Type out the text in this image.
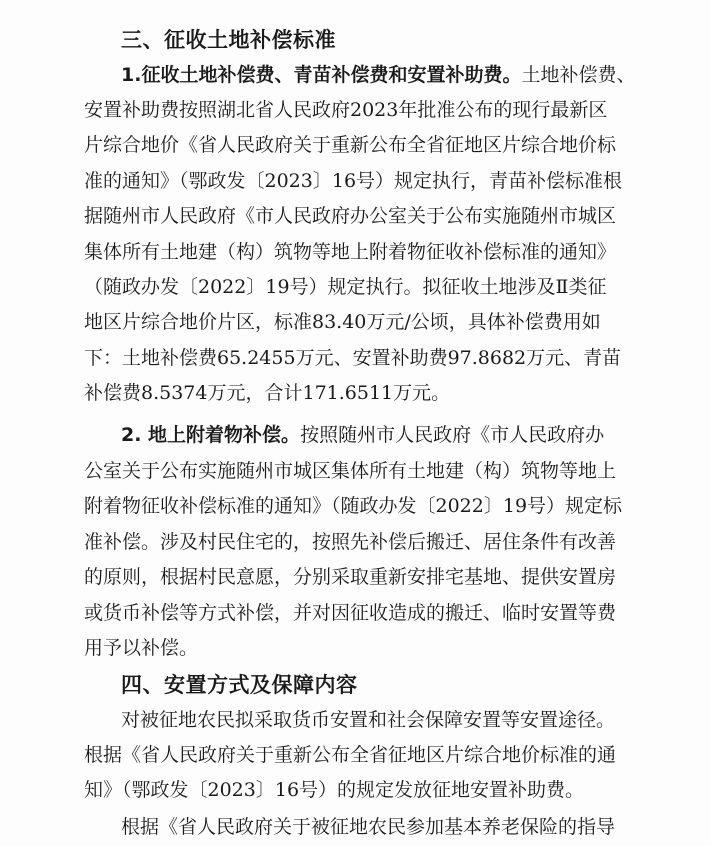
三、征收土地补偿标准
1.征收土地补偿费、青苗补偿费和安置补助费。土地补偿费、
安置补助费按照湖北省人民政府2023年批准公布的现行最新区
片综合地价《省人民政府关于重新公布全省征地区片综合地价标
准的通知》（鄂政发〔2023〕16号）规定执行，青苗补偿标准根
据随州市人民政府《市人民政府办公室关于公布实施随州市城区
集体所有土地建（构）筑物等地上附着物征收补偿标准的通知》
（随政办发〔2022〕19号）规定执行。拟征收土地涉及Ⅱ类征
地区片综合地价片区，标准83.40万元/公顷，具体补偿费用如
下：土地补偿费65.2455万元、安置补助费97.8682万元、青苗
补偿费8.5374万元，合计171.6511万元。
2. 地上附着物补偿。按照随州市人民政府《市人民政府办
公室关于公布实施随州市城区集体所有土地建（构）筑物等地上
附着物征收补偿标准的通知》（随政办发〔2022〕19号）规定标
准补偿。涉及村民住宅的，按照先补偿后搬迁、居住条件有改善
的原则，根据村民意愿，分别采取重新安排宅基地、提供安置房
或货币补偿等方式补偿，并对因征收造成的搬迁、临时安置等费
用予以补偿。
四、安置方式及保障内容
对被征地农民拟采取货币安置和社会保障安置等安置途径。
根据《省人民政府关于重新公布全省征地区片综合地价标准的通
知》（鄂政发〔2023〕16号）的规定发放征地安置补助费。
根据《省人民政府关于被征地农民参加基本养老保险的指导
